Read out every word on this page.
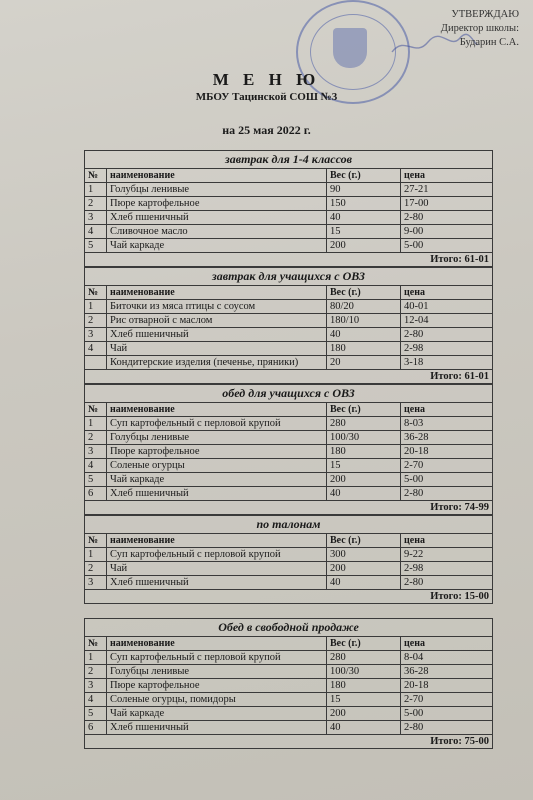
УТВЕРЖДАЮ
Директор школы:
Бударин С.А.
М Е Н Ю
МБОУ Тацинской СОШ №3
на 25 мая 2022 г.
завтрак для 1-4 классов			
№	наименование	Вес (г.)	цена
1	Голубцы ленивые	90	27-21
2	Пюре картофельное	150	17-00
3	Хлеб пшеничный	40	2-80
4	Сливочное масло	15	9-00
5	Чай каркаде	200	5-00
Итого: 61-01			
завтрак для учащихся с ОВЗ			
№	наименование	Вес (г.)	цена
1	Биточки из мяса птицы с соусом	80/20	40-01
2	Рис отварной с маслом	180/10	12-04
3	Хлеб пшеничный	40	2-80
4	Чай	180	2-98
	Кондитерские изделия (печенье, пряники)	20	3-18
Итого: 61-01			
обед для учащихся с ОВЗ			
№	наименование	Вес (г.)	цена
1	Суп картофельный с перловой крупой	280	8-03
2	Голубцы ленивые	100/30	36-28
3	Пюре картофельное	180	20-18
4	Соленые огурцы	15	2-70
5	Чай каркаде	200	5-00
6	Хлеб пшеничный	40	2-80
Итого: 74-99			
по талонам			
№	наименование	Вес (г.)	цена
1	Суп картофельный с перловой крупой	300	9-22
2	Чай	200	2-98
3	Хлеб пшеничный	40	2-80
Итого: 15-00			
Обед в свободной продаже			
№	наименование	Вес (г.)	цена
1	Суп картофельный с перловой крупой	280	8-04
2	Голубцы ленивые	100/30	36-28
3	Пюре картофельное	180	20-18
4	Соленые огурцы, помидоры	15	2-70
5	Чай каркаде	200	5-00
6	Хлеб пшеничный	40	2-80
Итого: 75-00			
